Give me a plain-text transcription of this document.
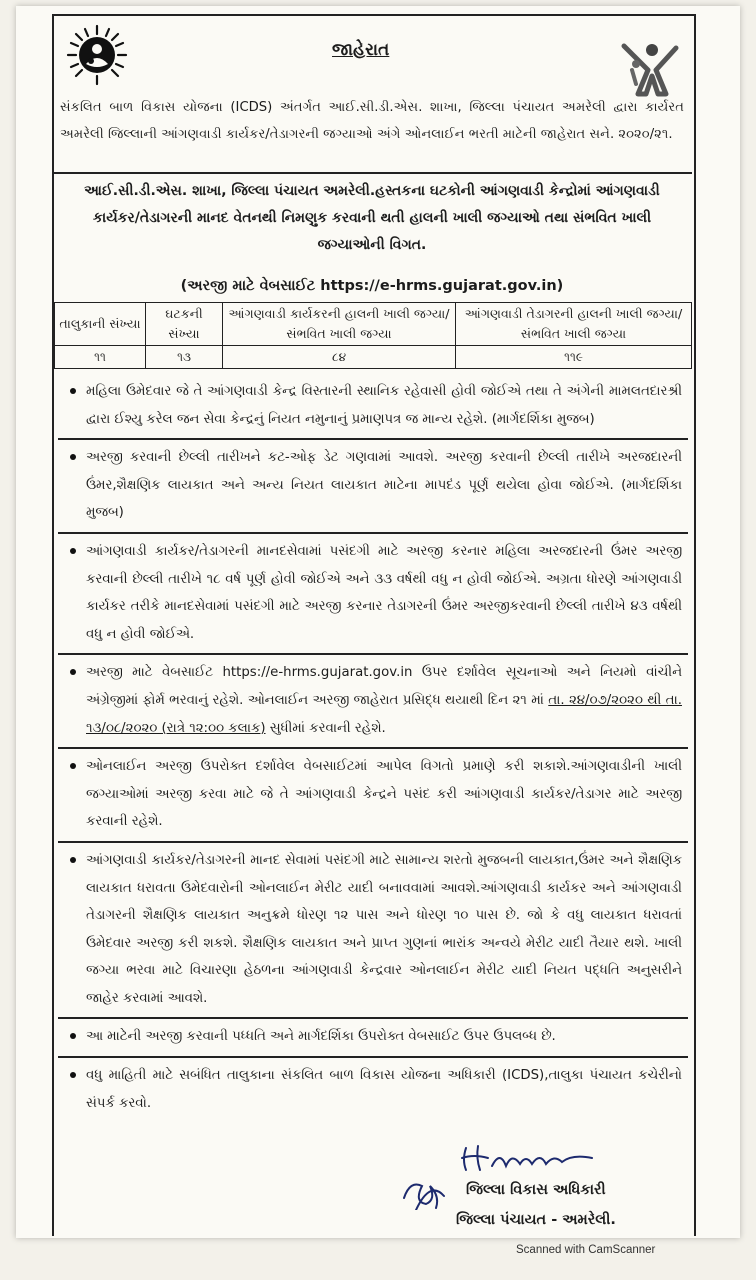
જાહેરાત
સંકલિત બાળ વિકાસ યોજના (ICDS) અંતર્ગત આઈ.સી.ડી.એસ. શાખા, જિલ્લા પંચાયત અમરેલી દ્વારા કાર્યરત અમરેલી જિલ્લાની આંગણવાડી કાર્યકર/તેડાગરની જગ્યાઓ અંગે ઓનલાઈન ભરતી માટેની જાહેરાત સને. ૨૦૨૦/૨૧.
આઈ.સી.ડી.એસ. શાખા, જિલ્લા પંચાયત અમરેલી.હસ્તકના ઘટકોની આંગણવાડી કેન્દ્રોમાં આંગણવાડી કાર્યકર/તેડાગરની માનદ વેતનથી નિમણુક કરવાની થતી હાલની ખાલી જગ્યાઓ તથા સંભવિત ખાલી જગ્યાઓની વિગત.
(અરજી માટે વેબસાઈટ https://e-hrms.gujarat.gov.in)
તાલુકાની સંખ્યા	ઘટકની સંખ્યા	આંગણવાડી કાર્યકરની હાલની ખાલી જગ્યા/સંભવિત ખાલી જગ્યા	આંગણવાડી તેડાગરની હાલની ખાલી જગ્યા/સંભવિત ખાલી જગ્યા
૧૧	૧૩	૮૪	૧૧૯
મહિલા ઉમેદવાર જે તે આંગણવાડી કેન્દ્ર વિસ્તારની સ્થાનિક રહેવાસી હોવી જોઈએ તથા તે અંગેની મામલતદારશ્રી દ્વારા ઈશ્યુ કરેલ જન સેવા કેન્દ્રનું નિયત નમુનાનું પ્રમાણપત્ર જ માન્ય રહેશે. (માર્ગદર્શિકા મુજબ)
અરજી કરવાની છેલ્લી તારીખને કટ-ઓફ ડેટ ગણવામાં આવશે. અરજી કરવાની છેલ્લી તારીખે અરજદારની ઉંમર,શૈક્ષણિક લાયકાત અને અન્ય નિયત લાયકાત માટેના માપદંડ પૂર્ણ થયેલા હોવા જોઈએ. (માર્ગદર્શિકા મુજબ)
આંગણવાડી કાર્યકર/તેડાગરની માનદસેવામાં પસંદગી માટે અરજી કરનાર મહિલા અરજદારની ઉંમર અરજી કરવાની છેલ્લી તારીખે ૧૮ વર્ષ પૂર્ણ હોવી જોઈએ અને ૩૩ વર્ષથી વધુ ન હોવી જોઈએ. અગ્રતા ધોરણે આંગણવાડી કાર્યકર તરીકે માનદસેવામાં પસંદગી માટે અરજી કરનાર તેડાગરની ઉંમર અરજીકરવાની છેલ્લી તારીખે ૪૩ વર્ષથી વધુ ન હોવી જોઈએ.
અરજી માટે વેબસાઈટ https://e-hrms.gujarat.gov.in ઉપર દર્શાવેલ સૂચનાઓ અને નિયમો વાંચીને અંગ્રેજીમાં ફોર્મ ભરવાનું રહેશે. ઓનલાઈન અરજી જાહેરાત પ્રસિદ્ધ થયાથી દિન ૨૧ માં તા. ૨૪/૦૭/૨૦૨૦ થી તા. ૧૩/૦૮/૨૦૨૦ (રાત્રે ૧૨:૦૦ કલાક) સુધીમાં કરવાની રહેશે.
ઓનલાઈન અરજી ઉપરોક્ત દર્શાવેલ વેબસાઈટમાં આપેલ વિગતો પ્રમાણે કરી શકાશે.આંગણવાડીની ખાલી જગ્યાઓમાં અરજી કરવા માટે જે તે આંગણવાડી કેન્દ્રને પસંદ કરી આંગણવાડી કાર્યકર/તેડાગર માટે અરજી કરવાની રહેશે.
આંગણવાડી કાર્યકર/તેડાગરની માનદ સેવામાં પસંદગી માટે સામાન્ય શરતો મુજબની લાયકાત,ઉંમર અને શૈક્ષણિક લાયકાત ધરાવતા ઉમેદવારોની ઓનલાઈન મેરીટ યાદી બનાવવામાં આવશે.આંગણવાડી કાર્યકર અને આંગણવાડી તેડાગરની શૈક્ષણિક લાયકાત અનુક્રમે ધોરણ ૧૨ પાસ અને ધોરણ ૧૦ પાસ છે. જો કે વધુ લાયકાત ધરાવતાં ઉમેદવાર અરજી કરી શકશે. શૈક્ષણિક લાયકાત અને પ્રાપ્ત ગુણનાં ભારાંક અન્વયે મેરીટ યાદી તૈયાર થશે. ખાલી જગ્યા ભરવા માટે વિચારણા હેઠળના આંગણવાડી કેન્દ્રવાર ઓનલાઈન મેરીટ યાદી નિયત પદ્ધતિ અનુસરીને જાહેર કરવામાં આવશે.
આ માટેની અરજી કરવાની પધ્ધતિ અને માર્ગદર્શિકા ઉપરોક્ત વેબસાઈટ ઉપર ઉપલબ્ધ છે.
વધુ માહિતી માટે સબંધિત તાલુકાના સંકલિત બાળ વિકાસ યોજના અધિકારી (ICDS),તાલુકા પંચાયત કચેરીનો સંપર્ક કરવો.
જિલ્લા વિકાસ અધિકારી
જિલ્લા પંચાયત - અમરેલી.
Scanned with CamScanner
